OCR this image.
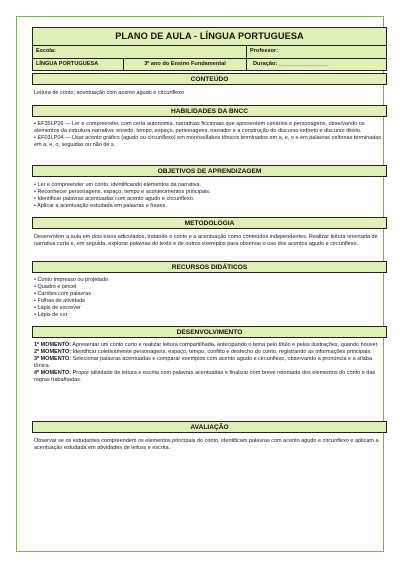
PLANO DE AULA - LÍNGUA PORTUGUESA
Escola:	Professor:
LÍNGUA PORTUGUESA	3º ano do Ensino Fundamental	Duração: ________________
CONTEÚDO

Leitura de conto; acentuação com acento agudo e circunflexo

HABILIDADES DA BNCC

• EF35LP26 — Ler e compreender, com certa autonomia, narrativas ficcionais que apresentem cenários e personagens, observando os elementos da estrutura narrativa: enredo, tempo, espaço, personagens, narrador e a construção do discurso indireto e discurso direto.

• EF03LP04 — Usar acento gráfico (agudo ou circunflexo) em monossílabos tônicos terminados em a, e, o e em palavras oxítonas terminadas em a, e, o, seguidas ou não de s.

OBJETIVOS DE APRENDIZAGEM
• Ler e compreender um conto, identificando elementos da narrativa.
• Reconhecer personagens, espaço, tempo e acontecimentos principais.
• Identificar palavras acentuadas com acento agudo e circunflexo.
• Aplicar a acentuação estudada em palavras e frases.
METODOLOGIA

Desenvolver a aula em dois eixos articulados, tratando o conto e a acentuação como conteúdos independentes. Realizar leitura orientada de narrativa curta e, em seguida, explorar palavras do texto e de outros exemplos para observar o uso dos acentos agudo e circunflexo.

RECURSOS DIDÁTICOS
• Conto impresso ou projetado
• Quadro e pincel
• Cartões com palavras
• Folhas de atividade
• Lápis de escrever
• Lápis de cor
DESENVOLVIMENTO

1º MOMENTO: Apresentar um conto curto e realizar leitura compartilhada, antecipando o tema pelo título e pelas ilustrações, quando houver.

2º MOMENTO: Identificar coletivamente personagens, espaço, tempo, conflito e desfecho do conto, registrando as informações principais.

3º MOMENTO: Selecionar palavras acentuadas e comparar exemplos com acento agudo e circunflexo, observando a pronúncia e a sílaba tônica.

4º MOMENTO: Propor atividade de leitura e escrita com palavras acentuadas e finalizar com breve retomada dos elementos do conto e das regras trabalhadas.

AVALIAÇÃO

Observar se os estudantes compreendem os elementos principais do conto, identificam palavras com acento agudo e circunflexo e aplicam a acentuação estudada em atividades de leitura e escrita.
